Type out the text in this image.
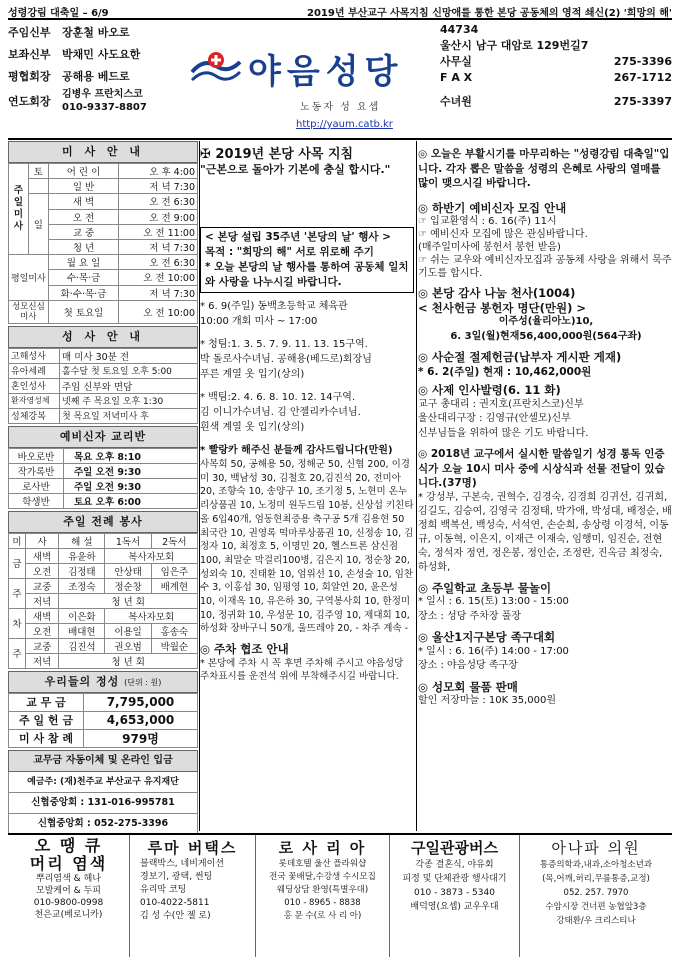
성령강림 대축일 – 6/9	2019년 부산교구 사목지침 신망애를 통한 본당 공동체의 영적 쇄신(2) '희망의 해'
주임신부 장훈철 바오로
보좌신부 박채민 사도요한
평협회장 공해용 베드로
연도회장
김병우 프란치스코
010-9337-8807
야음성당
노동자 성 요셉
http://yaum.catb.kr
44734
울산시 남구 대암로 129번길7
사무실	275-3396
F A X	267-1712
수녀원	275-3397
미 사 안 내
주일미사	토	어 린 이	오 후 4:00
		일 반	저 녁 7:30
	일	새 벽	오 전 6:30
		오 전	오 전 9:00
		교 중	오 전 11:00
		청 년	저 녁 7:30
평일미사		월 요 일	오 전 6:30
		수·목·금	오 전 10:00
		화·수·목·금	저 녁 7:30
성모신심미사		첫 토요일	오 전 10:00
성 사 안 내
고해성사	매 미사 30분 전
유아세례	홀수달 첫 토요일 오후 5:00
혼인성사	주임 신부와 면담
환자영성체	넷째 주 목요일 오후 1:30
성체강복	첫 목요일 저녁미사 후
예비신자 교리반
바오로반	목요 오후 8:10
작가록반	주일 오전 9:30
로사반	주일 오전 9:30
학생반	토요 오후 6:00
주일 전례 봉사
미	사	해 설	1독서	2독서
금	새벽	유윤하	복사자모회	
	오전	김정태	안상태	임은주
주	교중	조정숙	정순창	배계현
	저녁	청 년 회		
차	새벽	이은화	복사자모회	
	오전	배대현	이용일	홍송숙
주	교중	김진석	권오범	박월순
	저녁	청 년 회		
우리들의 정성 (단위 : 원)
교 무 금	7,795,000
주 일 헌 금	4,653,000
미 사 참 례	979명
교무금 자동이체 및 온라인 입금
예금주: (재)천주교 부산교구 유지재단
신협중앙회 : 131-016-995781
신협중앙회 : 052-275-3396

✠ 2019년 본당 사목 지침

"근본으로 돌아가 기본에 충실 합시다."

< 본당 설립 35주년 '본당의 날' 행사 >

목적 : "희망의 해" 서로 위로해 주기

* 오늘 본당의 날 행사를 통하여 공동체 일치와 사랑을 나누시길 바랍니다.

* 6. 9(주일) 동백초등학교 체육관
10:00 개회 미사 ~ 17:00

* 청팀:1. 3. 5. 7. 9. 11. 13. 15구역.
박 돌로사수녀님. 공해용(베드로)회장님
푸른 계열 옷 입기(상의)

* 백팀:2. 4. 6. 8. 10. 12. 14구역.
김 이니가수녀님. 김 안젤리카수녀님.
흰색 계열 옷 입기(상의)

* 빨랑카 해주신 분들께 감사드립니다(만원)

사목회 50, 공해용 50, 정해군 50, 신협 200, 이경미 30, 백남성 30, 김철호 20,김진석 20, 전미아 20, 조향숙 10, 송양구 10, 조기정 5, 노현미 온누리상품권 10, 노정미 원두드립 10봉, 신상섭 키친타올 6입40개, 엄동현최증용 축구공 5개 김용현 50 최국란 10, 권영록 떡마루상품권 10, 신정송 10, 김정자 10, 최정호 5, 이명민 20, 헬스트론 삼신점 100, 최말순 막걸리100병, 김은지 10, 정순창 20, 성외숙 10, 진태환 10, 엄위선 10, 손성술 10, 임찬수 3, 이홍섭 30, 임평영 10, 회알연 20, 윤은성 10, 이재옥 10, 유은하 30, 구역봉사회 10, 한정미 10, 정귀화 10, 우성문 10, 김주영 10, 제대회 10, 하성화 장바구니 50개, 울뜨레야 20, - 차주 계속 -

◎ 주차 협조 안내

* 본당에 주차 시 꼭 후면 주차해 주시고 야음성당 주차표시를 운전석 위에 부착해주시길 바랍니다.

◎ 오늘은 부활시기를 마무리하는 "성령강림 대축일"입니다. 각자 뽑은 말씀을 성령의 은혜로 사랑의 열매를 많이 맺으시길 바랍니다.

◎ 하반기 예비신자 모집 안내

☞ 입교환영식 : 6. 16(주) 11시
☞ 예비신자 모집에 많은 관심바랍니다.
(매주일미사에 봉헌서 봉헌 받음)
☞ 쉬는 교우와 예비신자모집과 공동체 사랑을 위해서 묵주기도를 합시다.

◎ 본당 감사 나눔 천사(1004)
< 천사헌금 봉헌자 명단(만원) >

이주성(율리아노)10,
6. 3일(월)현재56,400,000원(564구좌)

◎ 사순절 절제헌금(납부자 게시판 게재)

* 6. 2(주일) 현재 : 10,462,000원

◎ 사제 인사발령(6. 11 화)

교구 총대리 : 권지호(프란치스코)신부
울산대리구장 : 김영규(안셀모)신부
신부님들을 위하여 많은 기도 바랍니다.

◎ 2018년 교구에서 실시한 말씀일기 성경 통독 인증식가 오늘 10시 미사 중에 시상식과 선물 전달이 있습니다.(37명)

* 강성부, 구본숙, 권혁수, 김경숙, 김경희 김귀선, 김귀희, 김길도, 김승여, 김영국 김정태, 박가애, 박성대, 배정순, 배정희 백복선, 백성숙, 서석연, 손순희, 송상령 이경석, 이동규, 이동혁, 이은지, 이재근 이재숙, 임행미, 임진순, 전현숙, 정석자 정연, 정은봉, 정인순, 조정란, 진옥금 최정숙, 하성화,

◎ 주일학교 초등부 물놀이

* 일시 : 6. 15(토) 13:00 - 15:00
장소 : 성당 주차장 풀장

◎ 울산1지구본당 족구대회

* 일시 : 6. 16(주) 14:00 - 17:00
장소 : 야음성당 족구장

◎ 성모회 물품 판매

할인 저장마늘 : 10K 35,000원

오 땡 큐
머리 염색
뿌리염색 & 헤나
모발케어 & 두피
010-9800-0998
천은교(베로니카)
루마 버택스
블랙박스, 네비게이션
경보기, 광택, 썬팅
유리막 코팅
010-4022-5811
김 성 수(안 젤 로)
로 사 리 아
롯데호텔 울산 플라워샵
전국 꽃배달,수강생 수시모집
웨딩상담 환영(특별우대)
010 - 8965 - 8838
홍 문 수(로 사 리 아)
구일관광버스
각종 결혼식, 야유회
피정 및 단체관광 행사대기
010 - 3873 - 5340
배덕영(요셉) 교우우대
아나파 의원
통증의학과,내과,소아청소년과
(목,어깨,허리,무릎통증,교정)
052. 257. 7970
수암시장 건너편 농협앞3층
강태환/우 크리스티나
